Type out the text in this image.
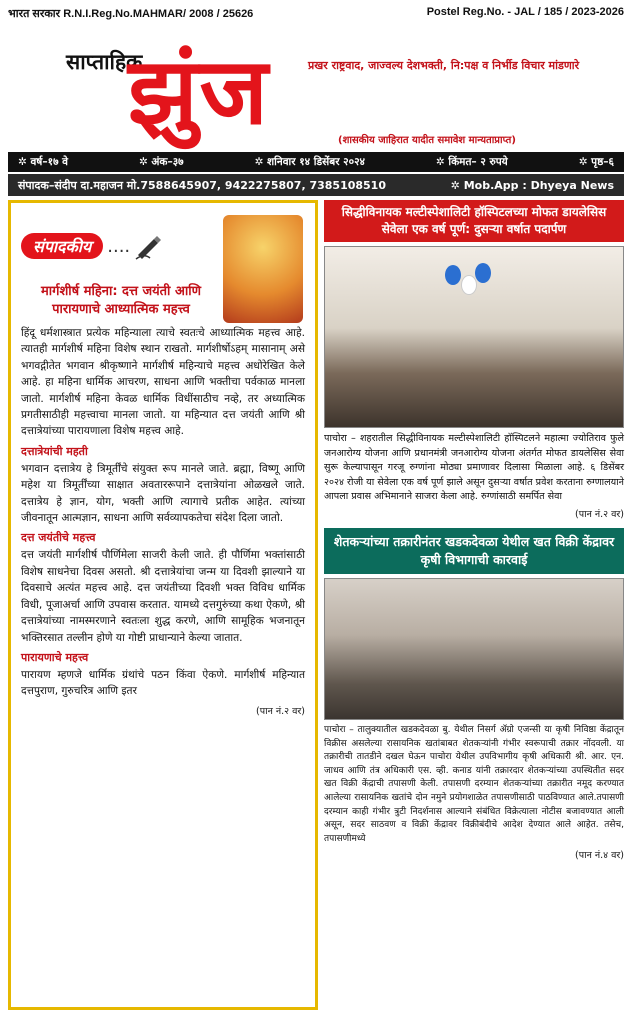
भारत सरकार R.N.I.Reg.No.MAHMAR/ 2008 / 25626	Postel Reg.No. - JAL / 185 / 2023-2026
साप्ताहिक
झुंज	प्रखर राष्ट्रवाद, जाज्वल्य देशभक्ती, नि:पक्ष व निर्भीड विचार मांडणारे
(शासकीय जाहिरात यादीत समावेश मान्यताप्राप्त)
✲ वर्ष–१७ वे	✲ अंक–३७	✲ शनिवार १४ डिसेंबर २०२४	✲ किंमत– २ रुपये	✲ पृष्ठ–६
संपादक–संदीप दा.महाजन मो.7588645907, 9422275807, 7385108510	✲ Mob.App : Dhyeya News
संपादकीय ....
मार्गशीर्ष महिना: दत्त जयंती आणि पारायणाचे आध्यात्मिक महत्त्व

हिंदू धर्मशास्त्रात प्रत्येक महिन्याला त्याचे स्वतःचे आध्यात्मिक महत्त्व आहे. त्यातही मार्गशीर्ष महिना विशेष स्थान राखतो. मार्गशीर्षोऽहम् मासानाम् असे भगवद्गीतेत भगवान श्रीकृष्णाने मार्गशीर्ष महिन्याचे महत्त्व अधोरेखित केले आहे. हा महिना धार्मिक आचरण, साधना आणि भक्तीचा पर्वकाळ मानला जातो. मार्गशीर्ष महिना केवळ धार्मिक विधींसाठीच नव्हे, तर अध्यात्मिक प्रगतीसाठीही महत्त्वाचा मानला जातो. या महिन्यात दत्त जयंती आणि श्री दत्तात्रेयांच्या पारायणाला विशेष महत्त्व आहे.

दत्तात्रेयांची महती

भगवान दत्तात्रेय हे त्रिमूर्तींचे संयुक्त रूप मानले जाते. ब्रह्मा, विष्णू आणि महेश या त्रिमूर्तींच्या साक्षात अवताररूपाने दत्तात्रेयांना ओळखले जाते. दत्तात्रेय हे ज्ञान, योग, भक्ती आणि त्यागाचे प्रतीक आहेत. त्यांच्या जीवनातून आत्मज्ञान, साधना आणि सर्वव्यापकतेचा संदेश दिला जातो.

दत्त जयंतीचे महत्त्व

दत्त जयंती मार्गशीर्ष पौर्णिमेला साजरी केली जाते. ही पौर्णिमा भक्तांसाठी विशेष साधनेचा दिवस असतो. श्री दत्तात्रेयांचा जन्म या दिवशी झाल्याने या दिवसाचे अत्यंत महत्त्व आहे. दत्त जयंतीच्या दिवशी भक्त विविध धार्मिक विधी, पूजाअर्चा आणि उपवास करतात. यामध्ये दत्तगुरुंच्या कथा ऐकणे, श्री दत्तात्रेयांच्या नामस्मरणाने स्वतःला शुद्ध करणे, आणि सामूहिक भजनातून भक्तिरसात तल्लीन होणे या गोष्टी प्राधान्याने केल्या जातात.

पारायणाचे महत्त्व

पारायण म्हणजे धार्मिक ग्रंथांचे पठन किंवा ऐकणे. मार्गशीर्ष महिन्यात दत्तपुराण, गुरुचरित्र आणि इतर

(पान नं.२ वर)
सिद्धीविनायक मल्टीस्पेशालिटी हॉस्पिटलच्या मोफत डायलेसिस सेवेला एक वर्ष पूर्ण: दुसऱ्या वर्षात पदार्पण

पाचोरा – शहरातील सिद्धीविनायक मल्टीस्पेशालिटी हॉस्पिटलने महात्मा ज्योतिराव फुले जनआरोग्य योजना आणि प्रधानमंत्री जनआरोग्य योजना अंतर्गत मोफत डायलेसिस सेवा सुरू केल्यापासून गरजू रुग्णांना मोठ्या प्रमाणावर दिलासा मिळाला आहे. ६ डिसेंबर २०२४ रोजी या सेवेला एक वर्ष पूर्ण झाले असून दुसऱ्या वर्षात प्रवेश करताना रुग्णालयाने आपला प्रवास अभिमानाने साजरा केला आहे. रुग्णांसाठी समर्पित सेवा

(पान नं.२ वर)
शेतकऱ्यांच्या तक्रारीनंतर खडकदेवळा येथील खत विक्री केंद्रावर कृषी विभागाची कारवाई

पाचोरा – तालुक्यातील खडकदेवळा बु. येथील निसर्ग ॲग्रो एजन्सी या कृषी निविष्ठा केंद्रातून विक्रीस असलेल्या रासायनिक खतांबाबत शेतकऱ्यांनी गंभीर स्वरूपाची तक्रार नोंदवली. या तक्रारीची तातडीने दखल घेऊन पाचोरा येथील उपविभागीय कृषी अधिकारी श्री. आर. एन. जाधव आणि तंत्र अधिकारी एस. व्ही. कनाड यांनी तक्रारदार शेतकऱ्यांच्या उपस्थितीत सदर खत विक्री केंद्राची तपासणी केली. तपासणी दरम्यान शेतकऱ्यांच्या तक्रारीत नमूद करण्यात आलेल्या रासायनिक खतांचे दोन नमुने प्रयोगशाळेत तपासणीसाठी पाठविण्यात आले.तपासणी दरम्यान काही गंभीर त्रुटी निदर्शनास आल्याने संबंधित विक्रेत्याला नोटीस बजावण्यात आली असून, सदर साठवण व विक्री केंद्रावर विक्रीबंदीचे आदेश देण्यात आले आहेत. तसेच, तपासणीमध्ये

(पान नं.४ वर)
